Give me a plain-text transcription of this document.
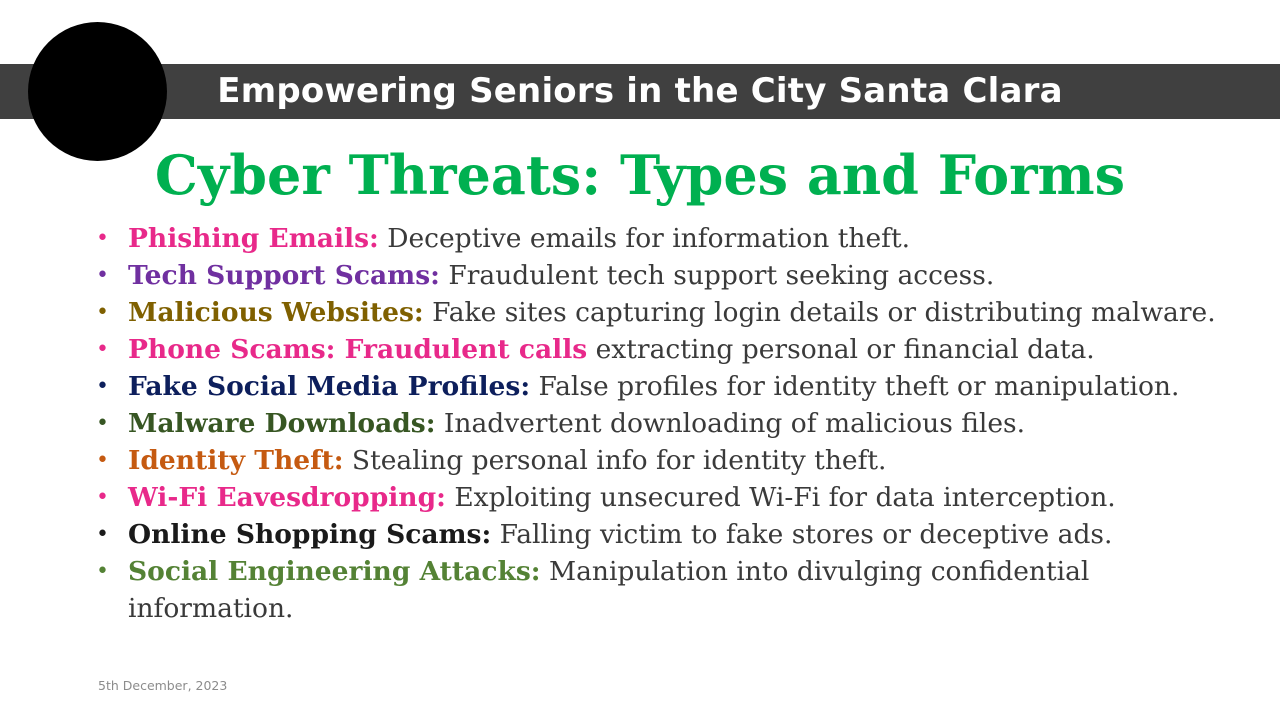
Empowering Seniors in the City Santa Clara
Cyber Threats: Types and Forms
• Phishing Emails: Deceptive emails for information theft.
• Tech Support Scams: Fraudulent tech support seeking access.
• Malicious Websites: Fake sites capturing login details or distributing malware.
• Phone Scams: Fraudulent calls extracting personal or financial data.
• Fake Social Media Profiles: False profiles for identity theft or manipulation.
• Malware Downloads: Inadvertent downloading of malicious files.
• Identity Theft: Stealing personal info for identity theft.
• Wi-Fi Eavesdropping: Exploiting unsecured Wi-Fi for data interception.
• Online Shopping Scams: Falling victim to fake stores or deceptive ads.
• Social Engineering Attacks: Manipulation into divulging confidential information.
5th December, 2023
